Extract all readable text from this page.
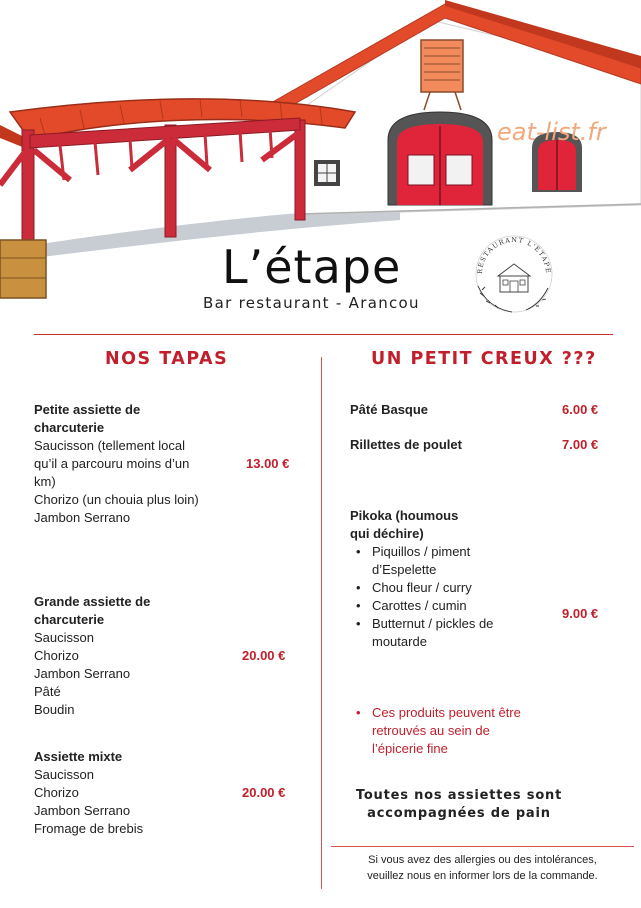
eat-list.fr
L’étape
Bar restaurant - Arancou
RESTAURANT L'ETAPE
NOS TAPAS
Petite assiette de
charcuterie
Saucisson (tellement local
qu’il a parcouru moins d’un
km)
Chorizo (un chouia plus loin)
Jambon Serrano
13.00 €
Grande assiette de
charcuterie
Saucisson
Chorizo
Jambon Serrano
Pâté
Boudin
20.00 €
Assiette mixte
Saucisson
Chorizo
Jambon Serrano
Fromage de brebis
20.00 €
UN PETIT CREUX ???
Pâté Basque	6.00 €
Rillettes de poulet	7.00 €
Pikoka (houmous
qui déchire)
• Piquillos / piment
d’Espelette
• Chou fleur / curry
• Carottes / cumin
• Butternut / pickles de
moutarde
9.00 €
• Ces produits peuvent être
retrouvés au sein de
l’épicerie fine
Toutes nos assiettes sont
accompagnées de pain
Si vous avez des allergies ou des intolérances,
veuillez nous en informer lors de la commande.
